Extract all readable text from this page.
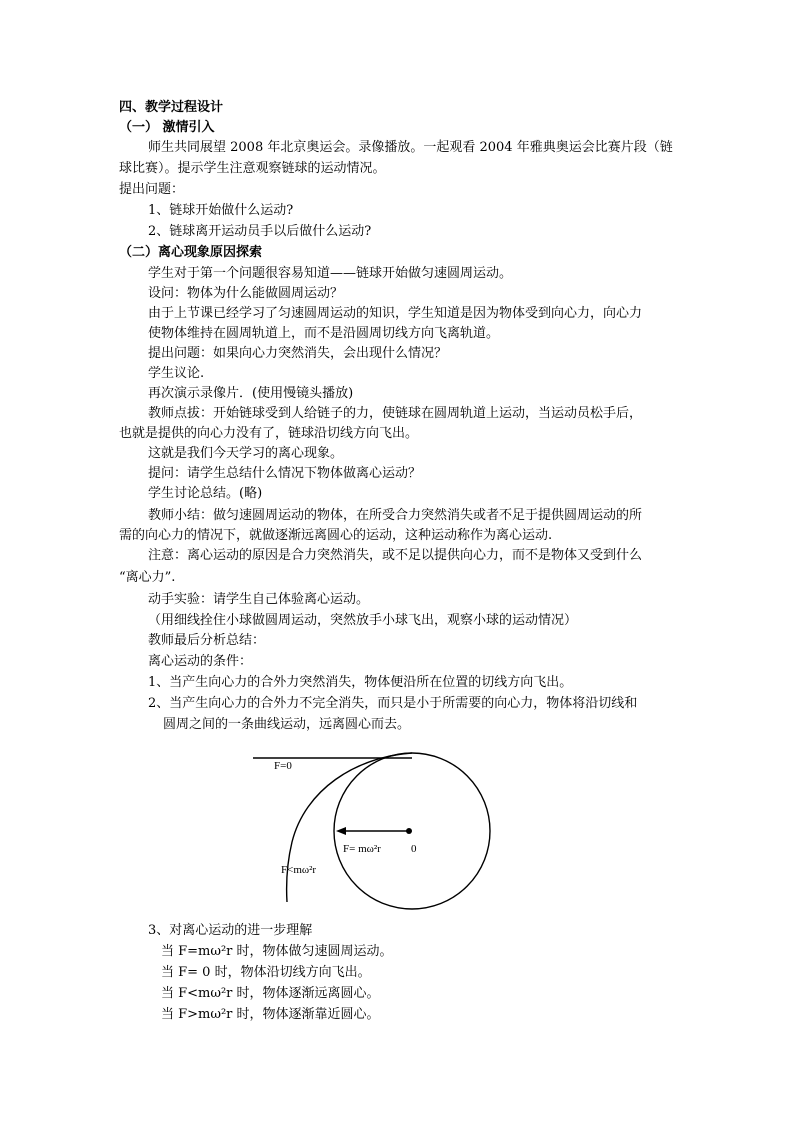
四、教学过程设计
（一） 激情引入
师生共同展望 2008 年北京奥运会。录像播放。一起观看 2004 年雅典奥运会比赛片段（链
球比赛）。提示学生注意观察链球的运动情况。
提出问题：
1、链球开始做什么运动?
2、链球离开运动员手以后做什么运动?
（二）离心现象原因探索
学生对于第一个问题很容易知道——链球开始做匀速圆周运动。
设问：物体为什么能做圆周运动？
由于上节课已经学习了匀速圆周运动的知识，学生知道是因为物体受到向心力，向心力
使物体维持在圆周轨道上，而不是沿圆周切线方向飞离轨道。
提出问题：如果向心力突然消失，会出现什么情况？
学生议论.
再次演示录像片．(使用慢镜头播放)
教师点拔：开始链球受到人给链子的力，使链球在圆周轨道上运动，当运动员松手后，
也就是提供的向心力没有了，链球沿切线方向飞出。
这就是我们今天学习的离心现象。
提问：请学生总结什么情况下物体做离心运动？
学生讨论总结。(略)
教师小结：做匀速圆周运动的物体，在所受合力突然消失或者不足于提供圆周运动的所
需的向心力的情况下，就做逐渐远离圆心的运动，这种运动称作为离心运动.
注意：离心运动的原因是合力突然消失，或不足以提供向心力，而不是物体又受到什么
“离心力”.
动手实验：请学生自己体验离心运动。
（用细线拴住小球做圆周运动，突然放手小球飞出，观察小球的运动情况）
教师最后分析总结：
离心运动的条件：
1、当产生向心力的合外力突然消失，物体便沿所在位置的切线方向飞出。
2、当产生向心力的合外力不完全消失，而只是小于所需要的向心力，物体将沿切线和
圆周之间的一条曲线运动，远离圆心而去。
F=0
F= mω²r	0
F<mω²r
3、对离心运动的进一步理解
当 F=mω²r 时，物体做匀速圆周运动。
当 F= 0 时，物体沿切线方向飞出。
当 F<mω²r 时，物体逐渐远离圆心。
当 F>mω²r 时，物体逐渐靠近圆心。
